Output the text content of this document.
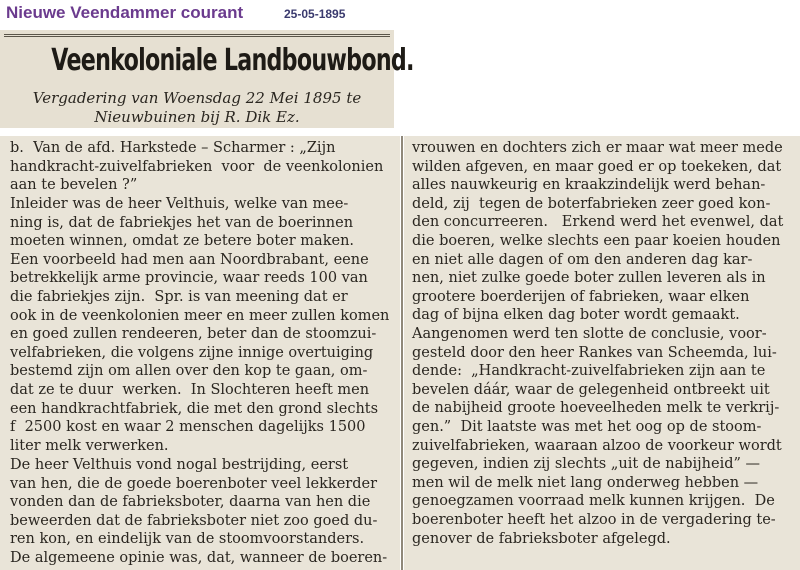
Nieuwe Veendammer courant	25-05-1895
Veenkoloniale Landbouwbond.
Vergadering van Woensdag 22 Mei 1895 te
Nieuwbuinen bij R. Dik Ez.

b.  Van de afd. Harkstede – Scharmer : „Zijn
handkracht-zuivelfabrieken  voor  de veenkolonien
aan te bevelen ?”

Inleider was de heer Velthuis, welke van mee-
ning is, dat de fabriekjes het van de boerinnen
moeten winnen, omdat ze betere boter maken.
Een voorbeeld had men aan Noordbrabant, eene
betrekkelijk arme provincie, waar reeds 100 van
die fabriekjes zijn.  Spr. is van meening dat er
ook in de veenkolonien meer en meer zullen komen
en goed zullen rendeeren, beter dan de stoomzui-
velfabrieken, die volgens zijne innige overtuiging
bestemd zijn om allen over den kop te gaan, om-
dat ze te duur  werken.  In Slochteren heeft men
een handkrachtfabriek, die met den grond slechts
f  2500 kost en waar 2 menschen dagelijks 1500
liter melk verwerken.

De heer Velthuis vond nogal bestrijding, eerst
van hen, die de goede boerenboter veel lekkerder
vonden dan de fabrieksboter, daarna van hen die
beweerden dat de fabrieksboter niet zoo goed du-
ren kon, en eindelijk van de stoomvoorstanders.
De algemeene opinie was, dat, wanneer de boeren-

vrouwen en dochters zich er maar wat meer mede
wilden afgeven, en maar goed er op toekeken, dat
alles nauwkeurig en kraakzindelijk werd behan-
deld, zij  tegen de boterfabrieken zeer goed kon-
den concurreeren.   Erkend werd het evenwel, dat
die boeren, welke slechts een paar koeien houden
en niet alle dagen of om den anderen dag kar-
nen, niet zulke goede boter zullen leveren als in
grootere boerderijen of fabrieken, waar elken
dag of bijna elken dag boter wordt gemaakt.

Aangenomen werd ten slotte de conclusie, voor-
gesteld door den heer Rankes van Scheemda, lui-
dende:  „Handkracht-zuivelfabrieken zijn aan te
bevelen dáár, waar de gelegenheid ontbreekt uit
de nabijheid groote hoeveelheden melk te verkrij-
gen.”  Dit laatste was met het oog op de stoom-
zuivelfabrieken, waaraan alzoo de voorkeur wordt
gegeven, indien zij slechts „uit de nabijheid” —
men wil de melk niet lang onderweg hebben —
genoegzamen voorraad melk kunnen krijgen.  De
boerenboter heeft het alzoo in de vergadering te-
genover de fabrieksboter afgelegd.
